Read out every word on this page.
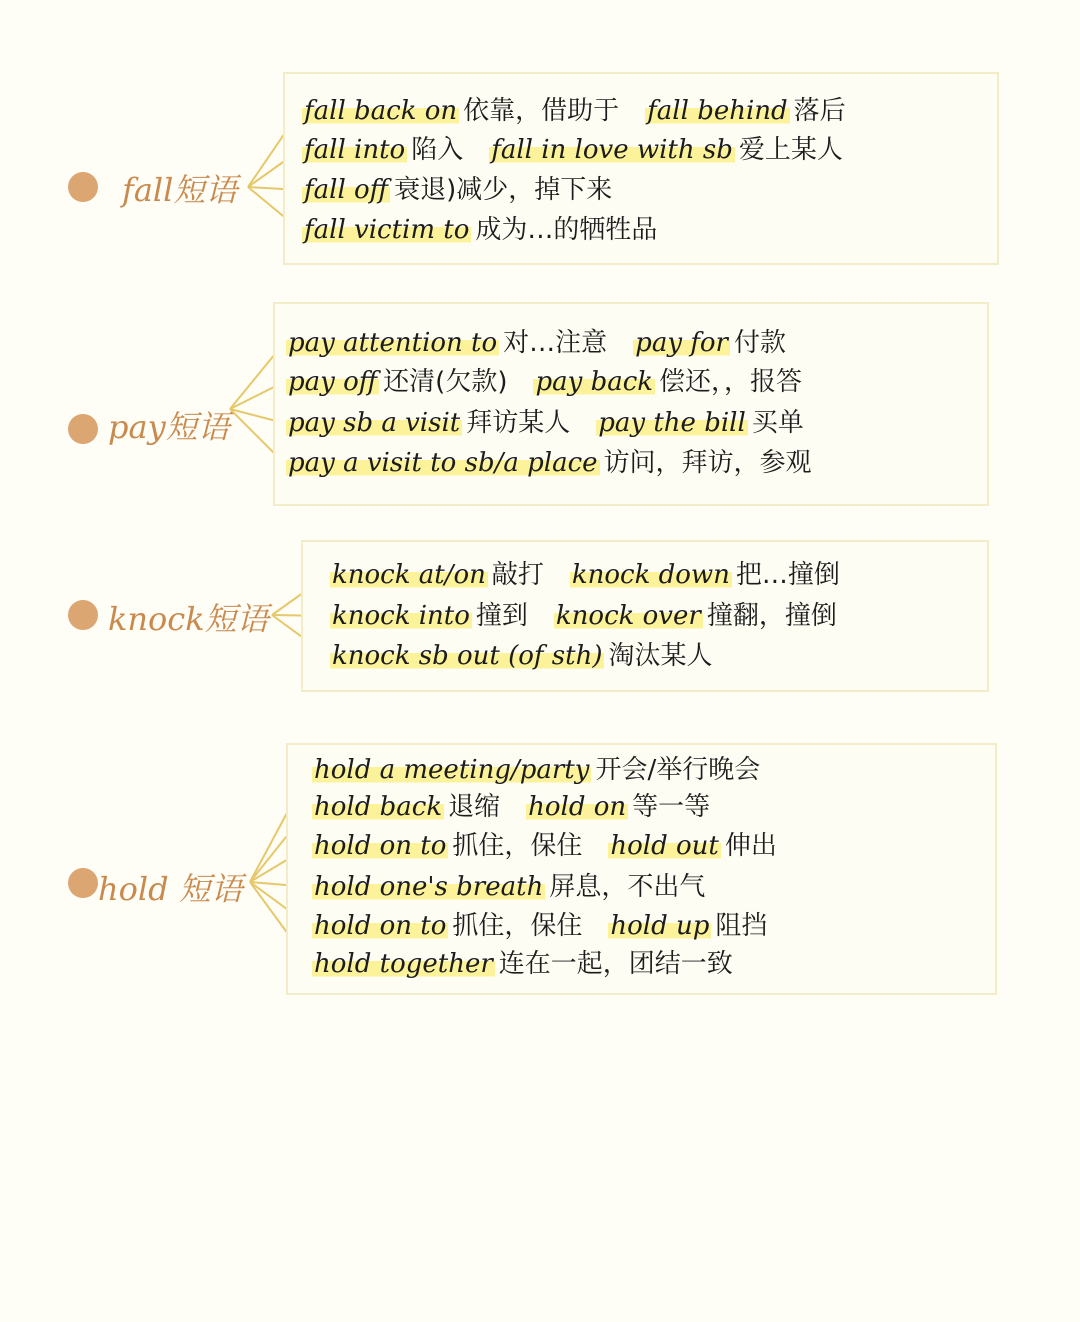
fall短语
fall back on 依靠，借助于 fall behind 落后
fall into 陷入 fall in love with sb 爱上某人
fall off 衰退)减少，掉下来
fall victim to 成为…的牺牲品
pay短语
pay attention to 对…注意 pay for 付款
pay off 还清(欠款) pay back 偿还，，报答
pay sb a visit 拜访某人 pay the bill 买单
pay a visit to sb/a place 访问，拜访，参观
knock短语
knock at/on 敲打 knock down 把…撞倒
knock into 撞到 knock over 撞翻，撞倒
knock sb out (of sth) 淘汰某人
hold 短语
hold a meeting/party 开会/举行晚会
hold back 退缩 hold on 等一等
hold on to 抓住，保住 hold out 伸出
hold one's breath 屏息，不出气
hold on to 抓住，保住 hold up 阻挡
hold together 连在一起，团结一致
